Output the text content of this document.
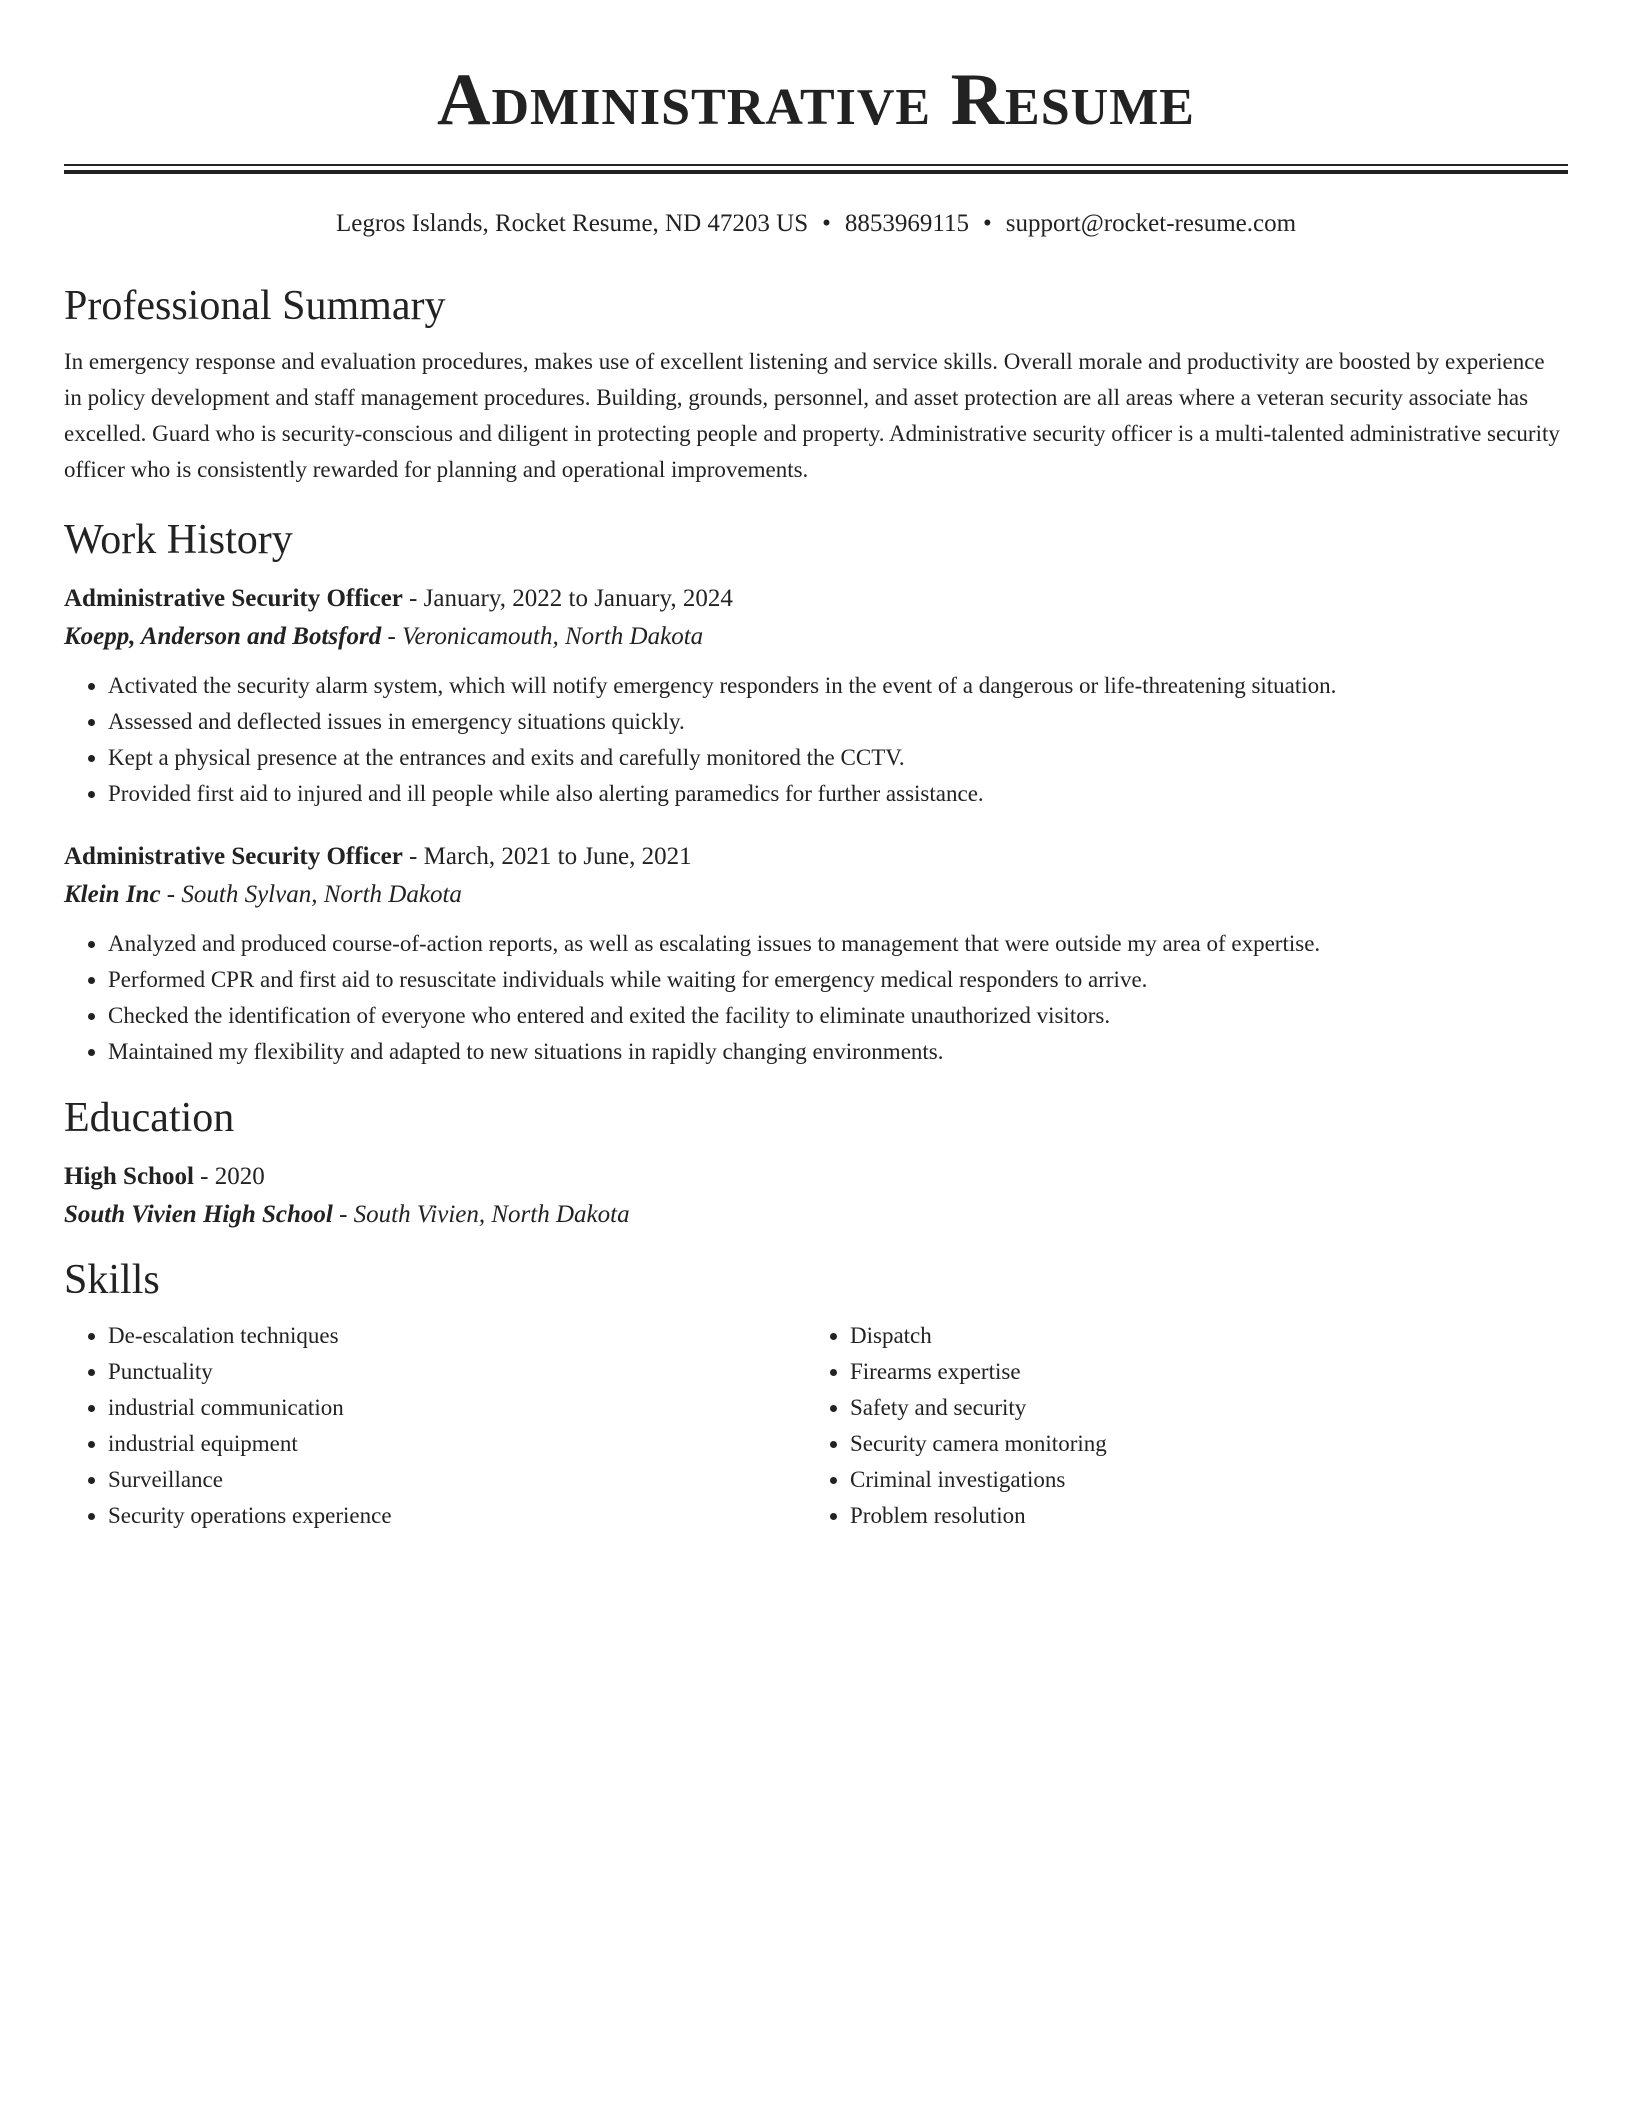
Administrative Resume
Legros Islands, Rocket Resume, ND 47203 US • 8853969115 • support@rocket-resume.com
Professional Summary

In emergency response and evaluation procedures, makes use of excellent listening and service skills. Overall morale and productivity are boosted by experience in policy development and staff management procedures. Building, grounds, personnel, and asset protection are all areas where a veteran security associate has excelled. Guard who is security-conscious and diligent in protecting people and property. Administrative security officer is a multi-talented administrative security officer who is consistently rewarded for planning and operational improvements.

Work History
Administrative Security Officer - January, 2022 to January, 2024
Koepp, Anderson and Botsford - Veronicamouth, North Dakota
• Activated the security alarm system, which will notify emergency responders in the event of a dangerous or life-threatening situation.
• Assessed and deflected issues in emergency situations quickly.
• Kept a physical presence at the entrances and exits and carefully monitored the CCTV.
• Provided first aid to injured and ill people while also alerting paramedics for further assistance.
Administrative Security Officer - March, 2021 to June, 2021
Klein Inc - South Sylvan, North Dakota
• Analyzed and produced course-of-action reports, as well as escalating issues to management that were outside my area of expertise.
• Performed CPR and first aid to resuscitate individuals while waiting for emergency medical responders to arrive.
• Checked the identification of everyone who entered and exited the facility to eliminate unauthorized visitors.
• Maintained my flexibility and adapted to new situations in rapidly changing environments.
Education
High School - 2020
South Vivien High School - South Vivien, North Dakota
Skills
• De-escalation techniques
• Punctuality
• industrial communication
• industrial equipment
• Surveillance
• Security operations experience
• Dispatch
• Firearms expertise
• Safety and security
• Security camera monitoring
• Criminal investigations
• Problem resolution
